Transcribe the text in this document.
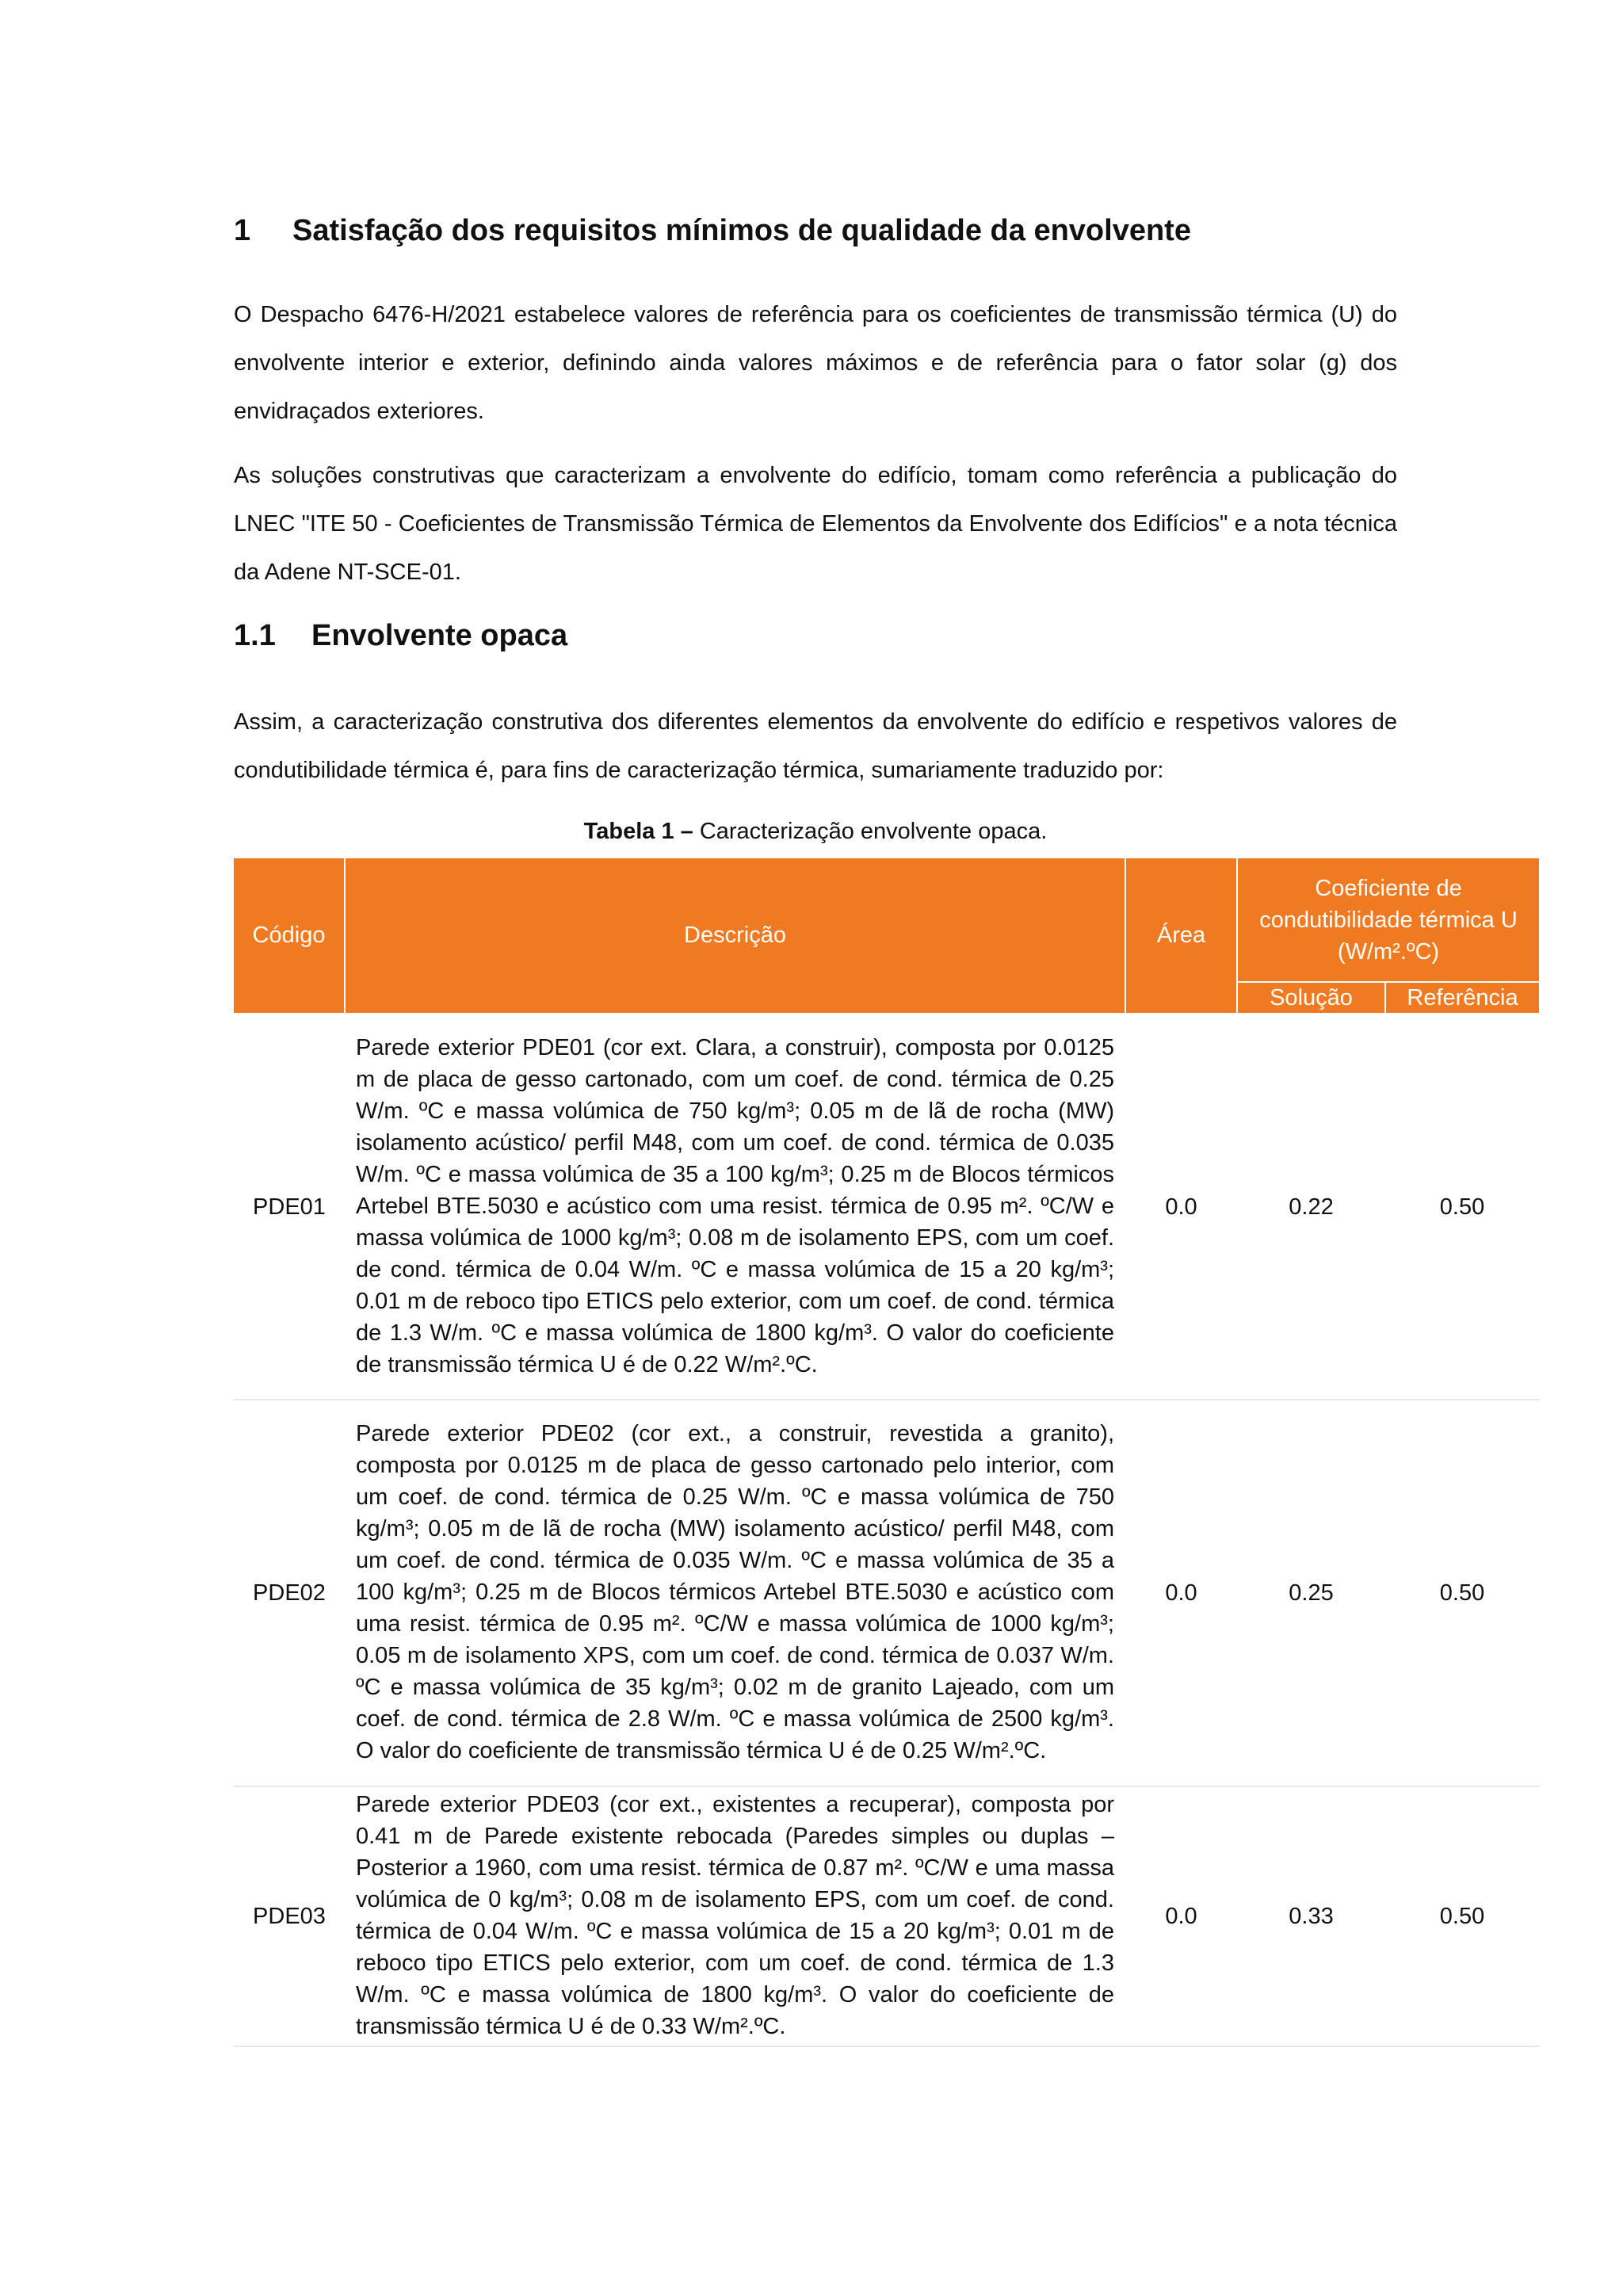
1	Satisfação dos requisitos mínimos de qualidade da envolvente

O Despacho 6476-H/2021 estabelece valores de referência para os coeficientes de transmissão térmica (U) do envolvente interior e exterior, definindo ainda valores máximos e de referência para o fator solar (g) dos envidraçados exteriores.

As soluções construtivas que caracterizam a envolvente do edifício, tomam como referência a publicação do LNEC "ITE 50 - Coeficientes de Transmissão Térmica de Elementos da Envolvente dos Edifícios" e a nota técnica da Adene NT-SCE-01.

1.1	Envolvente opaca

Assim, a caracterização construtiva dos diferentes elementos da envolvente do edifício e respetivos valores de condutibilidade térmica é, para fins de caracterização térmica, sumariamente traduzido por:

Tabela 1 – Caracterização envolvente opaca.
Código	Descrição	Área	Coeficiente de condutibilidade térmica U (W/m².ºC)	
			Solução	Referência
PDE01	Parede exterior PDE01 (cor ext. Clara, a construir), composta por 0.0125 m de placa de gesso cartonado, com um coef. de cond. térmica de 0.25 W/m. ºC e massa volúmica de 750 kg/m³; 0.05 m de lã de rocha (MW) isolamento acústico/ perfil M48, com um coef. de cond. térmica de 0.035 W/m. ºC e massa volúmica de 35 a 100 kg/m³; 0.25 m de Blocos térmicos Artebel BTE.5030 e acústico com uma resist. térmica de 0.95 m². ºC/W e massa volúmica de 1000 kg/m³; 0.08 m de isolamento EPS, com um coef. de cond. térmica de 0.04 W/m. ºC e massa volúmica de 15 a 20 kg/m³; 0.01 m de reboco tipo ETICS pelo exterior, com um coef. de cond. térmica de 1.3 W/m. ºC e massa volúmica de 1800 kg/m³. O valor do coeficiente de transmissão térmica U é de 0.22 W/m².ºC.	0.0	0.22	0.50
PDE02	Parede exterior PDE02 (cor ext., a construir, revestida a granito), composta por 0.0125 m de placa de gesso cartonado pelo interior, com um coef. de cond. térmica de 0.25 W/m. ºC e massa volúmica de 750 kg/m³; 0.05 m de lã de rocha (MW) isolamento acústico/ perfil M48, com um coef. de cond. térmica de 0.035 W/m. ºC e massa volúmica de 35 a 100 kg/m³; 0.25 m de Blocos térmicos Artebel BTE.5030 e acústico com uma resist. térmica de 0.95 m². ºC/W e massa volúmica de 1000 kg/m³; 0.05 m de isolamento XPS, com um coef. de cond. térmica de 0.037 W/m. ºC e massa volúmica de 35 kg/m³; 0.02 m de granito Lajeado, com um coef. de cond. térmica de 2.8 W/m. ºC e massa volúmica de 2500 kg/m³. O valor do coeficiente de transmissão térmica U é de 0.25 W/m².ºC.	0.0	0.25	0.50
PDE03	Parede exterior PDE03 (cor ext., existentes a recuperar), composta por 0.41 m de Parede existente rebocada (Paredes simples ou duplas – Posterior a 1960, com uma resist. térmica de 0.87 m². ºC/W e uma massa volúmica de 0 kg/m³; 0.08 m de isolamento EPS, com um coef. de cond. térmica de 0.04 W/m. ºC e massa volúmica de 15 a 20 kg/m³; 0.01 m de reboco tipo ETICS pelo exterior, com um coef. de cond. térmica de 1.3 W/m. ºC e massa volúmica de 1800 kg/m³. O valor do coeficiente de transmissão térmica U é de 0.33 W/m².ºC.	0.0	0.33	0.50
